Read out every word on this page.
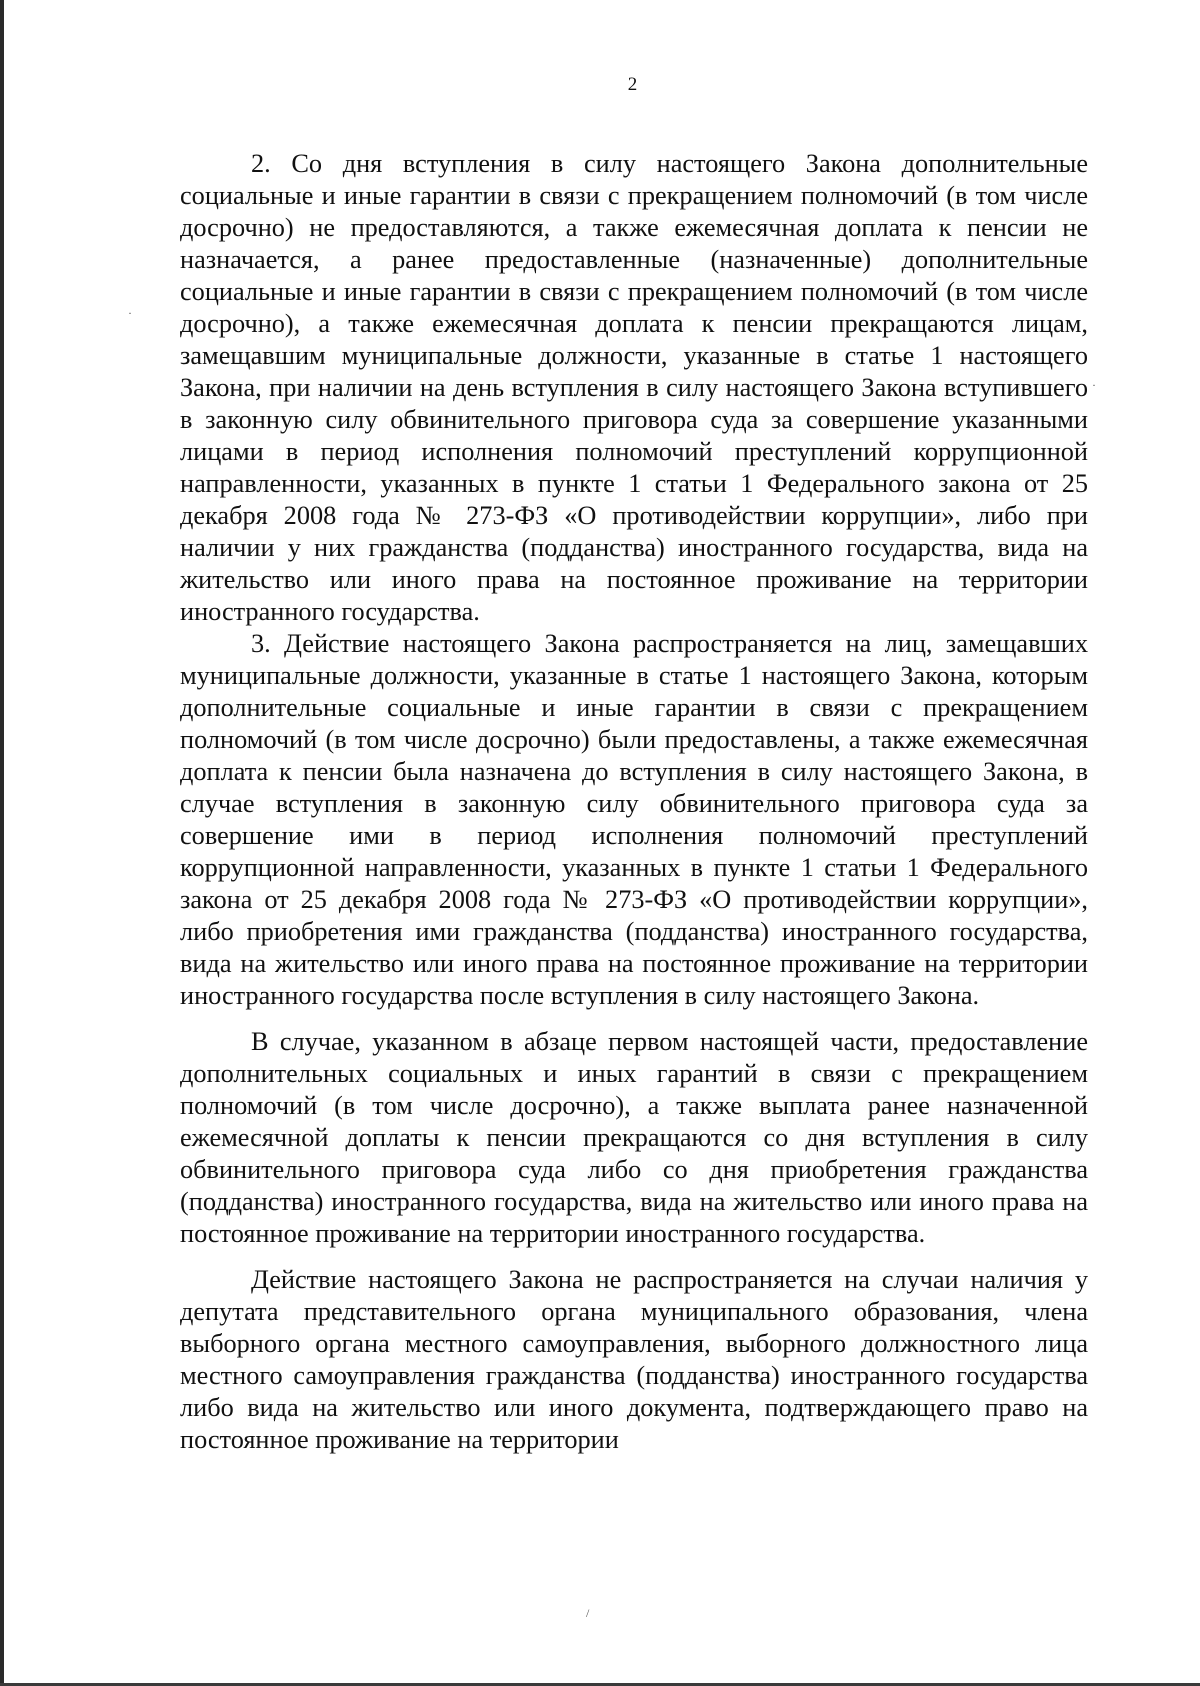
2

2. Со дня вступления в силу настоящего Закона дополнительные социальные и иные гарантии в связи с прекращением полномочий (в том числе досрочно) не предоставляются, а также ежемесячная доплата к пенсии не назначается, а ранее предоставленные (назначенные) дополнительные социальные и иные гарантии в связи с прекращением полномочий (в том числе досрочно), а также ежемесячная доплата к пенсии прекращаются лицам, замещавшим муниципальные должности, указанные в статье 1 настоящего Закона, при наличии на день вступления в силу настоящего Закона вступившего в законную силу обвинительного приговора суда за совершение указанными лицами в период исполнения полномочий преступлений коррупционной направленности, указанных в пункте 1 статьи 1 Федерального закона от 25 декабря 2008 года № 273-ФЗ «О противодействии коррупции», либо при наличии у них гражданства (подданства) иностранного государства, вида на жительство или иного права на постоянное проживание на территории иностранного государства.

3. Действие настоящего Закона распространяется на лиц, замещавших муниципальные должности, указанные в статье 1 настоящего Закона, которым дополнительные социальные и иные гарантии в связи с прекращением полномочий (в том числе досрочно) были предоставлены, а также ежемесячная доплата к пенсии была назначена до вступления в силу настоящего Закона, в случае вступления в законную силу обвинительного приговора суда за совершение ими в период исполнения полномочий преступлений коррупционной направленности, указанных в пункте 1 статьи 1 Федерального закона от 25 декабря 2008 года № 273-ФЗ «О противодействии коррупции», либо приобретения ими гражданства (подданства) иностранного государства, вида на жительство или иного права на постоянное проживание на территории иностранного государства после вступления в силу настоящего Закона.

В случае, указанном в абзаце первом настоящей части, предоставление дополнительных социальных и иных гарантий в связи с прекращением полномочий (в том числе досрочно), а также выплата ранее назначенной ежемесячной доплаты к пенсии прекращаются со дня вступления в силу обвинительного приговора суда либо со дня приобретения гражданства (подданства) иностранного государства, вида на жительство или иного права на постоянное проживание на территории иностранного государства.

Действие настоящего Закона не распространяется на случаи наличия у депутата представительного органа муниципального образования, члена выборного органа местного самоуправления, выборного должностного лица местного самоуправления гражданства (подданства) иностранного государства либо вида на жительство или иного документа, подтверждающего право на постоянное проживание на территории

·
·
/
